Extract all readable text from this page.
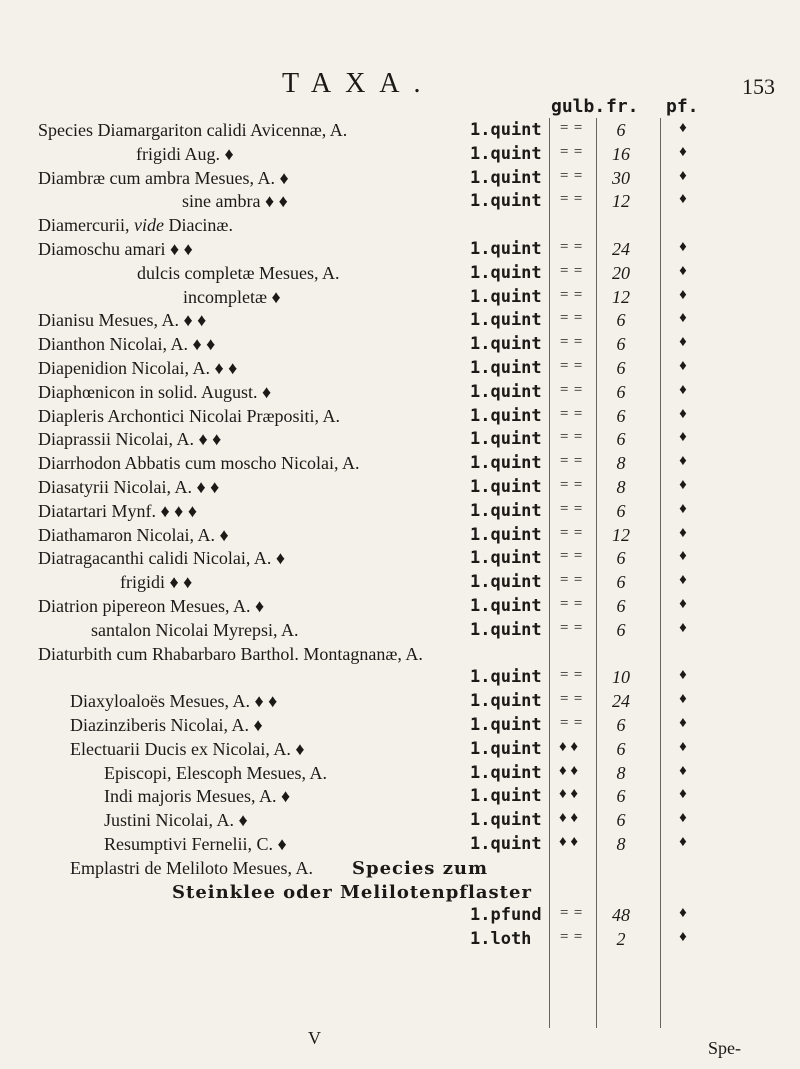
TAXA.	153
gulb. fr. pf.
Species Diamargariton calidi Avicennæ, A.	1.quint = =	6	♦
frigidi Aug. ♦	1.quint = =	16	♦
Diambræ cum ambra Mesues, A. ♦	1.quint = =	30	♦
sine ambra ♦ ♦	1.quint = =	12	♦
Diamercurii, vide Diacinæ.
Diamoschu amari ♦ ♦	1.quint = =	24	♦
dulcis completæ Mesues, A.	1.quint = =	20	♦
incompletæ ♦	1.quint = =	12	♦
Dianisu Mesues, A. ♦ ♦	1.quint = =	6	♦
Dianthon Nicolai, A. ♦ ♦	1.quint = =	6	♦
Diapenidion Nicolai, A. ♦ ♦	1.quint = =	6	♦
Diaphœnicon in solid. August. ♦	1.quint = =	6	♦
Diapleris Archontici Nicolai Præpositi, A.	1.quint = =	6	♦
Diaprassii Nicolai, A. ♦ ♦	1.quint = =	6	♦
Diarrhodon Abbatis cum moscho Nicolai, A.	1.quint = =	8	♦
Diasatyrii Nicolai, A. ♦ ♦	1.quint = =	8	♦
Diatartari Mynf. ♦ ♦ ♦	1.quint = =	6	♦
Diathamaron Nicolai, A. ♦	1.quint = =	12	♦
Diatragacanthi calidi Nicolai, A. ♦	1.quint = =	6	♦
frigidi ♦ ♦	1.quint = =	6	♦
Diatrion pipereon Mesues, A. ♦	1.quint = =	6	♦
santalon Nicolai Myrepsi, A.	1.quint = =	6	♦
Diaturbith cum Rhabarbaro Barthol. Montagnanæ, A.
1.quint = =	10	♦
Diaxyloaloës Mesues, A. ♦ ♦	1.quint = =	24	♦
Diazinziberis Nicolai, A. ♦	1.quint = =	6	♦
Electuarii Ducis ex Nicolai, A. ♦	1.quint ♦ ♦	6	♦
Episcopi, Elescoph Mesues, A.	1.quint ♦ ♦	8	♦
Indi majoris Mesues, A. ♦	1.quint ♦ ♦	6	♦
Justini Nicolai, A. ♦	1.quint ♦ ♦	6	♦
Resumptivi Fernelii, C. ♦	1.quint ♦ ♦	8	♦
Emplastri de Meliloto Mesues, A. Species zum
Steinklee oder Melilotenpflaster
1.pfund = =	48	♦
1.loth = =	2	♦
V	Spe-
